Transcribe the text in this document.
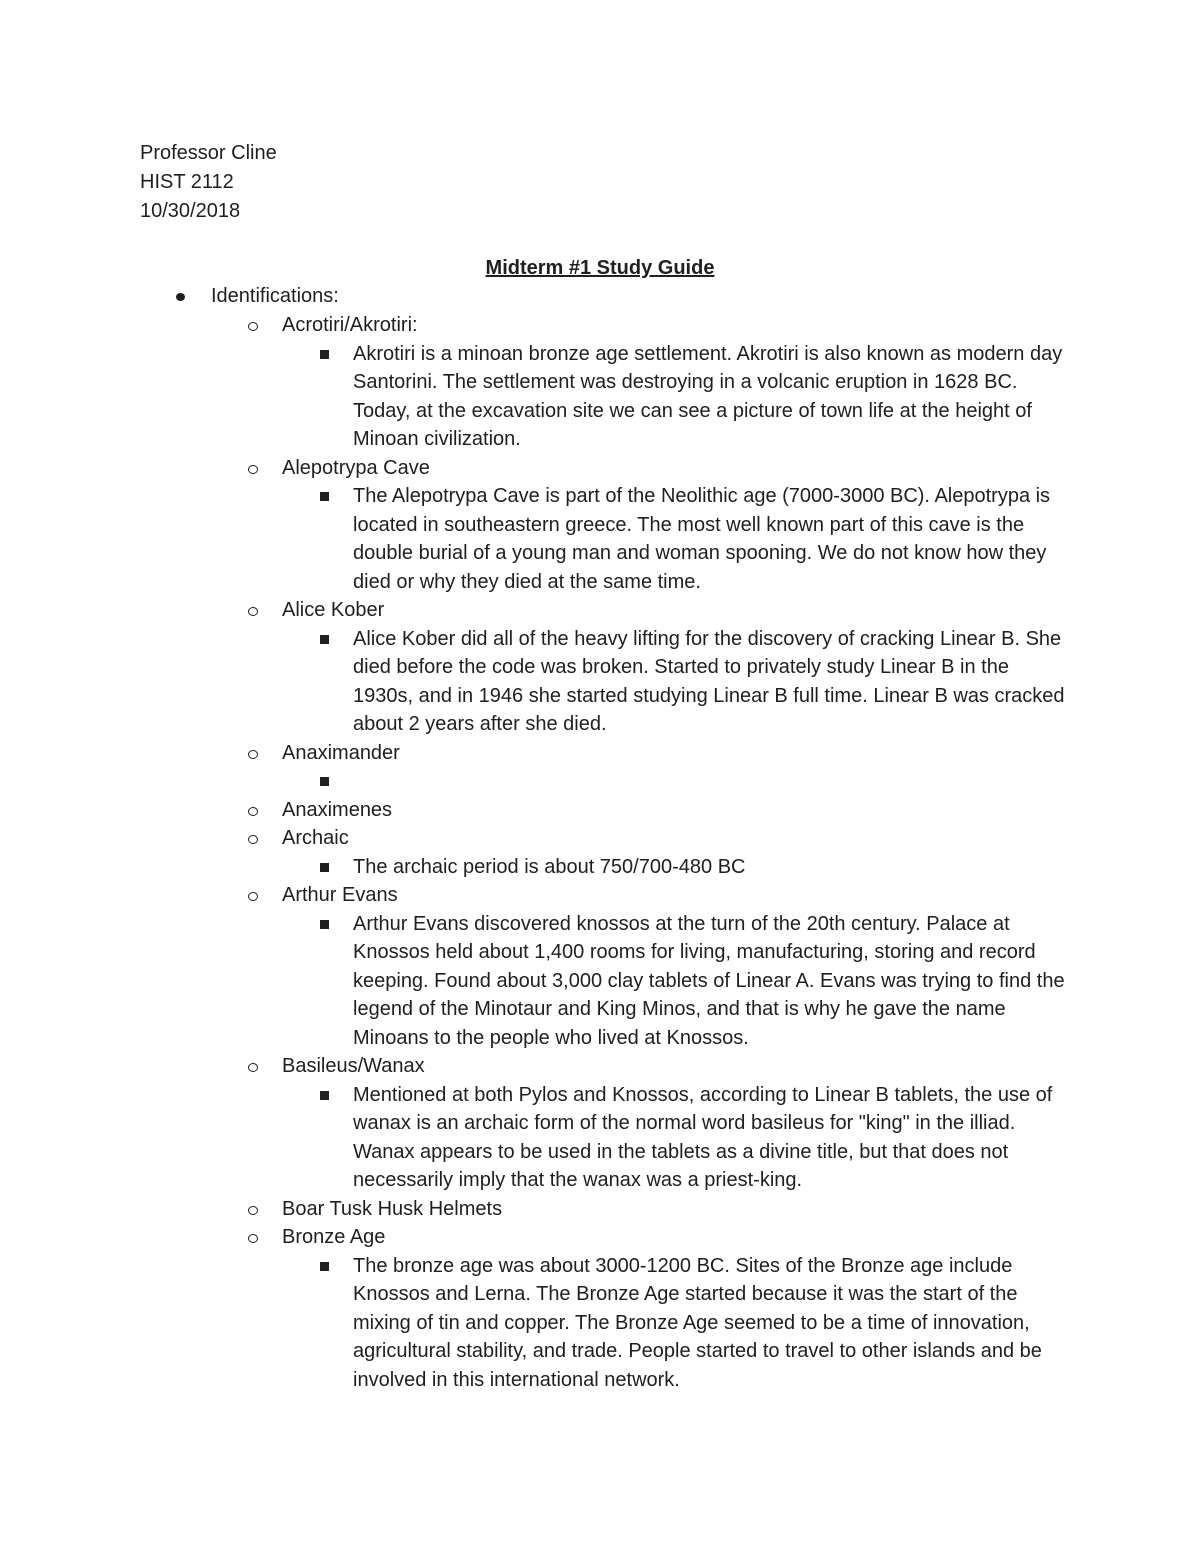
Professor Cline
HIST 2112
10/30/2018
Midterm #1 Study Guide
Identifications:
Acrotiri/Akrotiri:
Akrotiri is a minoan bronze age settlement. Akrotiri is also known as modern day Santorini. The settlement was destroying in a volcanic eruption in 1628 BC. Today, at the excavation site we can see a picture of town life at the height of Minoan civilization.
Alepotrypa Cave
The Alepotrypa Cave is part of the Neolithic age (7000-3000 BC). Alepotrypa is located in southeastern greece. The most well known part of this cave is the double burial of a young man and woman spooning. We do not know how they died or why they died at the same time.
Alice Kober
Alice Kober did all of the heavy lifting for the discovery of cracking Linear B. She died before the code was broken. Started to privately study Linear B in the 1930s, and in 1946 she started studying Linear B full time. Linear B was cracked about 2 years after she died.
Anaximander
Anaximenes
Archaic
The archaic period is about 750/700-480 BC
Arthur Evans
Arthur Evans discovered knossos at the turn of the 20th century. Palace at Knossos held about 1,400 rooms for living, manufacturing, storing and record keeping. Found about 3,000 clay tablets of Linear A. Evans was trying to find the legend of the Minotaur and King Minos, and that is why he gave the name Minoans to the people who lived at Knossos.
Basileus/Wanax
Mentioned at both Pylos and Knossos, according to Linear B tablets, the use of wanax is an archaic form of the normal word basileus for "king" in the illiad. Wanax appears to be used in the tablets as a divine title, but that does not necessarily imply that the wanax was a priest-king.
Boar Tusk Husk Helmets
Bronze Age
The bronze age was about 3000-1200 BC. Sites of the Bronze age include Knossos and Lerna. The Bronze Age started because it was the start of the mixing of tin and copper. The Bronze Age seemed to be a time of innovation, agricultural stability, and trade. People started to travel to other islands and be involved in this international network.
